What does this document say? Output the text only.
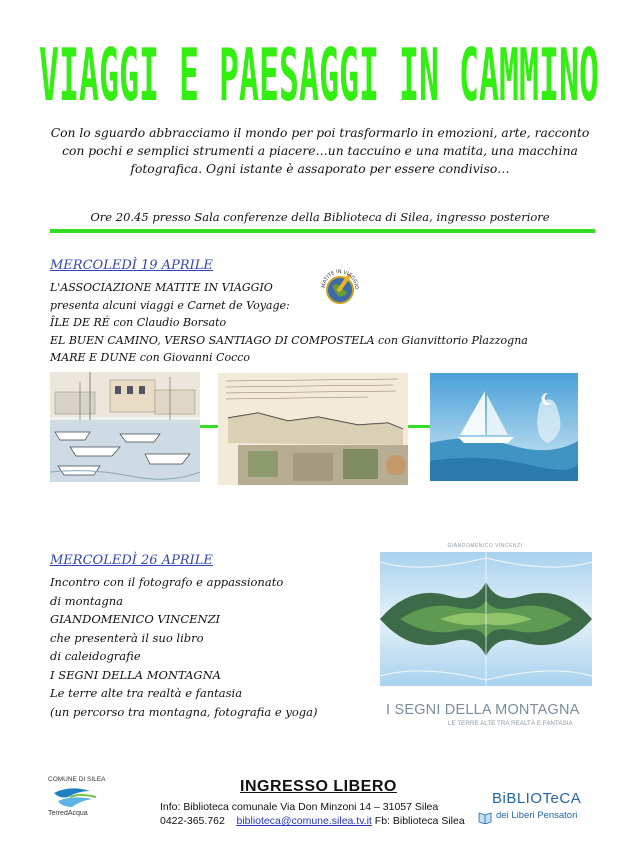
VIAGGI E PAESAGGI IN CAMMINO
Con lo sguardo abbracciamo il mondo per poi trasformarlo in emozioni, arte, racconto
con pochi e semplici strumenti a piacere…un taccuino e una matita, una macchina
fotografica. Ogni istante è assaporato per essere condiviso…
Ore 20.45 presso Sala conferenze della Biblioteca di Silea, ingresso posteriore
MERCOLEDÌ 19 APRILE
L'ASSOCIAZIONE MATITE IN VIAGGIO
presenta alcuni viaggi e Carnet de Voyage:
ÎLE DE RÉ con Claudio Borsato
EL BUEN CAMINO, VERSO SANTIAGO DI COMPOSTELA con Gianvittorio Plazzogna
MARE E DUNE con Giovanni Cocco
MATITE IN VIAGGIO
MERCOLEDÌ 26 APRILE
Incontro con il fotografo e appassionato
di montagna
GIANDOMENICO VINCENZI
che presenterà il suo libro
di caleidografie
I SEGNI DELLA MONTAGNA
Le terre alte tra realtà e fantasia
(un percorso tra montagna, fotografia e yoga)
GIANDOMENICO VINCENZI
I SEGNI DELLA MONTAGNA
LE TERRE ALTE TRA REALTÀ E FANTASIA
COMUNE DI SILEA
TerredAcqua
INGRESSO LIBERO
Info: Biblioteca comunale Via Don Minzoni 14 – 31057 Silea
0422-365.762 biblioteca@comune.silea.tv.it Fb: Biblioteca Silea
BiBLIOTeCA
dei Liberi Pensatori
